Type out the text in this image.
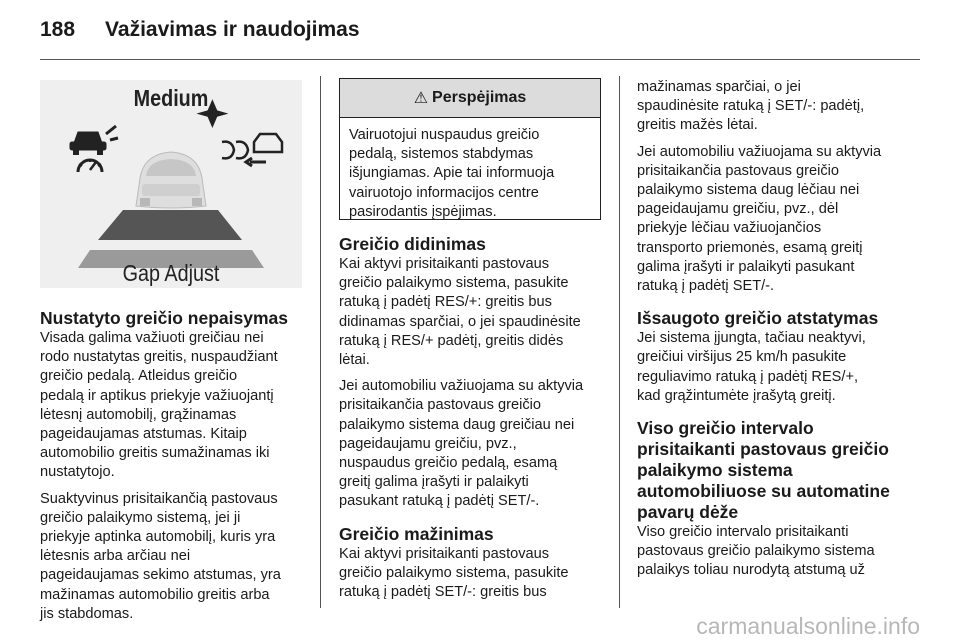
188 Važiavimas ir naudojimas
Medium
Gap Adjust
Nustatyto greičio nepaisymas

Visada galima važiuoti greičiau nei
rodo nustatytas greitis, nuspaudžiant
greičio pedalą. Atleidus greičio
pedalą ir aptikus priekyje važiuojantį
lėtesnį automobilį, grąžinamas
pageidaujamas atstumas. Kitaip
automobilio greitis sumažinamas iki
nustatytojo.

Suaktyvinus prisitaikančią pastovaus
greičio palaikymo sistemą, jei ji
priekyje aptinka automobilį, kuris yra
lėtesnis arba arčiau nei
pageidaujamas sekimo atstumas, yra
mažinamas automobilio greitis arba
jis stabdomas.

⚠ Perspėjimas
Vairuotojui nuspaudus greičio
pedalą, sistemos stabdymas
išjungiamas. Apie tai informuoja
vairuotojo informacijos centre
pasirodantis įspėjimas.
Greičio didinimas

Kai aktyvi prisitaikanti pastovaus
greičio palaikymo sistema, pasukite
ratuką į padėtį RES/+: greitis bus
didinamas sparčiai, o jei spaudinėsite
ratuką į RES/+ padėtį, greitis didės
lėtai.

Jei automobiliu važiuojama su aktyvia
prisitaikančia pastovaus greičio
palaikymo sistema daug greičiau nei
pageidaujamu greičiu, pvz.,
nuspaudus greičio pedalą, esamą
greitį galima įrašyti ir palaikyti
pasukant ratuką į padėtį SET/-.

Greičio mažinimas

Kai aktyvi prisitaikanti pastovaus
greičio palaikymo sistema, pasukite
ratuką į padėtį SET/-: greitis bus

mažinamas sparčiai, o jei
spaudinėsite ratuką į SET/-: padėtį,
greitis mažės lėtai.

Jei automobiliu važiuojama su aktyvia
prisitaikančia pastovaus greičio
palaikymo sistema daug lėčiau nei
pageidaujamu greičiu, pvz., dėl
priekyje lėčiau važiuojančios
transporto priemonės, esamą greitį
galima įrašyti ir palaikyti pasukant
ratuką į padėtį SET/-.

Išsaugoto greičio atstatymas

Jei sistema įjungta, tačiau neaktyvi,
greičiui viršijus 25 km/h pasukite
reguliavimo ratuką į padėtį RES/+,
kad grąžintumėte įrašytą greitį.

Viso greičio intervalo
prisitaikanti pastovaus greičio
palaikymo sistema
automobiliuose su automatine
pavarų dėže

Viso greičio intervalo prisitaikanti
pastovaus greičio palaikymo sistema
palaikys toliau nurodytą atstumą už

carmanualsonline.info
